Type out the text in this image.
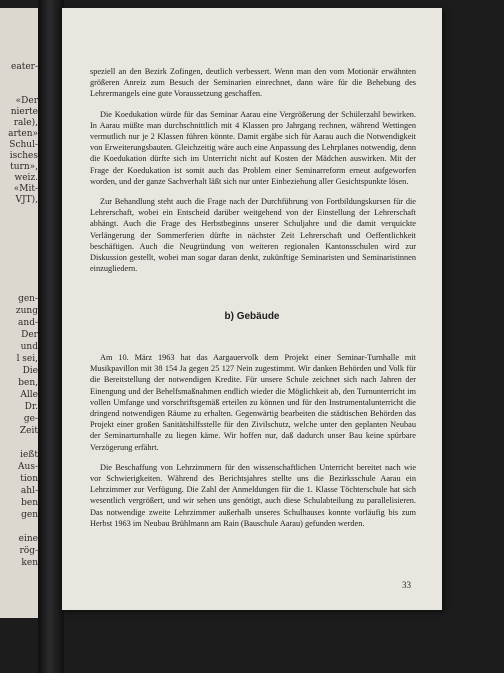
eater-
«Der
nierte
rale),
arten»
Schul-
isches
turn»,
weiz.
«Mit-
VJT),
gen-
zung
and-
Der
und
l sei,
Die
ben,
Alle
Dr.
ge-
Zeit
ießt
Aus-
tion
ahl-
ben
gen
eine
rög-
ken

speziell an den Bezirk Zofingen, deutlich verbessert. Wenn man den vom Motionär erwähnten größeren Anreiz zum Besuch der Seminarien einrechnet, dann wäre für die Behebung des Lehrermangels eine gute Voraussetzung geschaffen.

Die Koedukation würde für das Seminar Aarau eine Vergrößerung der Schülerzahl bewirken. In Aarau müßte man durchschnittlich mit 4 Klassen pro Jahrgang rechnen, während Wettingen vermutlich nur je 2 Klassen führen könnte. Damit ergäbe sich für Aarau auch die Notwendigkeit von Erweiterungsbauten. Gleichzeitig wäre auch eine Anpassung des Lehrplanes notwendig, denn die Koedukation dürfte sich im Unterricht nicht auf Kosten der Mädchen auswirken. Mit der Frage der Koedukation ist somit auch das Problem einer Seminarreform erneut aufgeworfen worden, und der ganze Sachverhalt läßt sich nur unter Einbeziehung aller Gesichtspunkte lösen.

Zur Behandlung steht auch die Frage nach der Durchführung von Fortbildungskursen für die Lehrerschaft, wobei ein Entscheid darüber weitgehend von der Einstellung der Lehrerschaft abhängt. Auch die Frage des Herbstbeginns unserer Schuljahre und die damit verquickte Verlängerung der Sommerferien dürfte in nächster Zeit Lehrerschaft und Oeffentlichkeit beschäftigen. Auch die Neugründung von weiteren regionalen Kantonsschulen wird zur Diskussion gestellt, wobei man sogar daran denkt, zukünftige Seminaristen und Seminaristinnen einzugliedern.

b) Gebäude

Am 10. März 1963 hat das Aargauervolk dem Projekt einer Seminar-Turnhalle mit Musikpavillon mit 38 154 Ja gegen 25 127 Nein zugestimmt. Wir danken Behörden und Volk für die Bereitstellung der notwendigen Kredite. Für unsere Schule zeichnet sich nach Jahren der Einengung und der Behelfsmaßnahmen endlich wieder die Möglichkeit ab, den Turnunterricht im vollen Umfange und vorschriftsgemäß erteilen zu können und für den Instrumentalunterricht die dringend notwendigen Räume zu erhalten. Gegenwärtig bearbeiten die städtischen Behörden das Projekt einer großen Sanitätshilfsstelle für den Zivilschutz, welche unter den geplanten Neubau der Seminarturnhalle zu liegen käme. Wir hoffen nur, daß dadurch unser Bau keine spürbare Verzögerung erfährt.

Die Beschaffung von Lehrzimmern für den wissenschaftlichen Unterricht bereitet nach wie vor Schwierigkeiten. Während des Berichtsjahres stellte uns die Bezirksschule Aarau ein Lehrzimmer zur Verfügung. Die Zahl der Anmeldungen für die 1. Klasse Töchterschule hat sich wesentlich vergrößert, und wir sehen uns genötigt, auch diese Schulabteilung zu parallelisieren. Das notwendige zweite Lehrzimmer außerhalb unseres Schulhauses konnte vorläufig bis zum Herbst 1963 im Neubau Brühlmann am Rain (Bauschule Aarau) gefunden werden.

33
